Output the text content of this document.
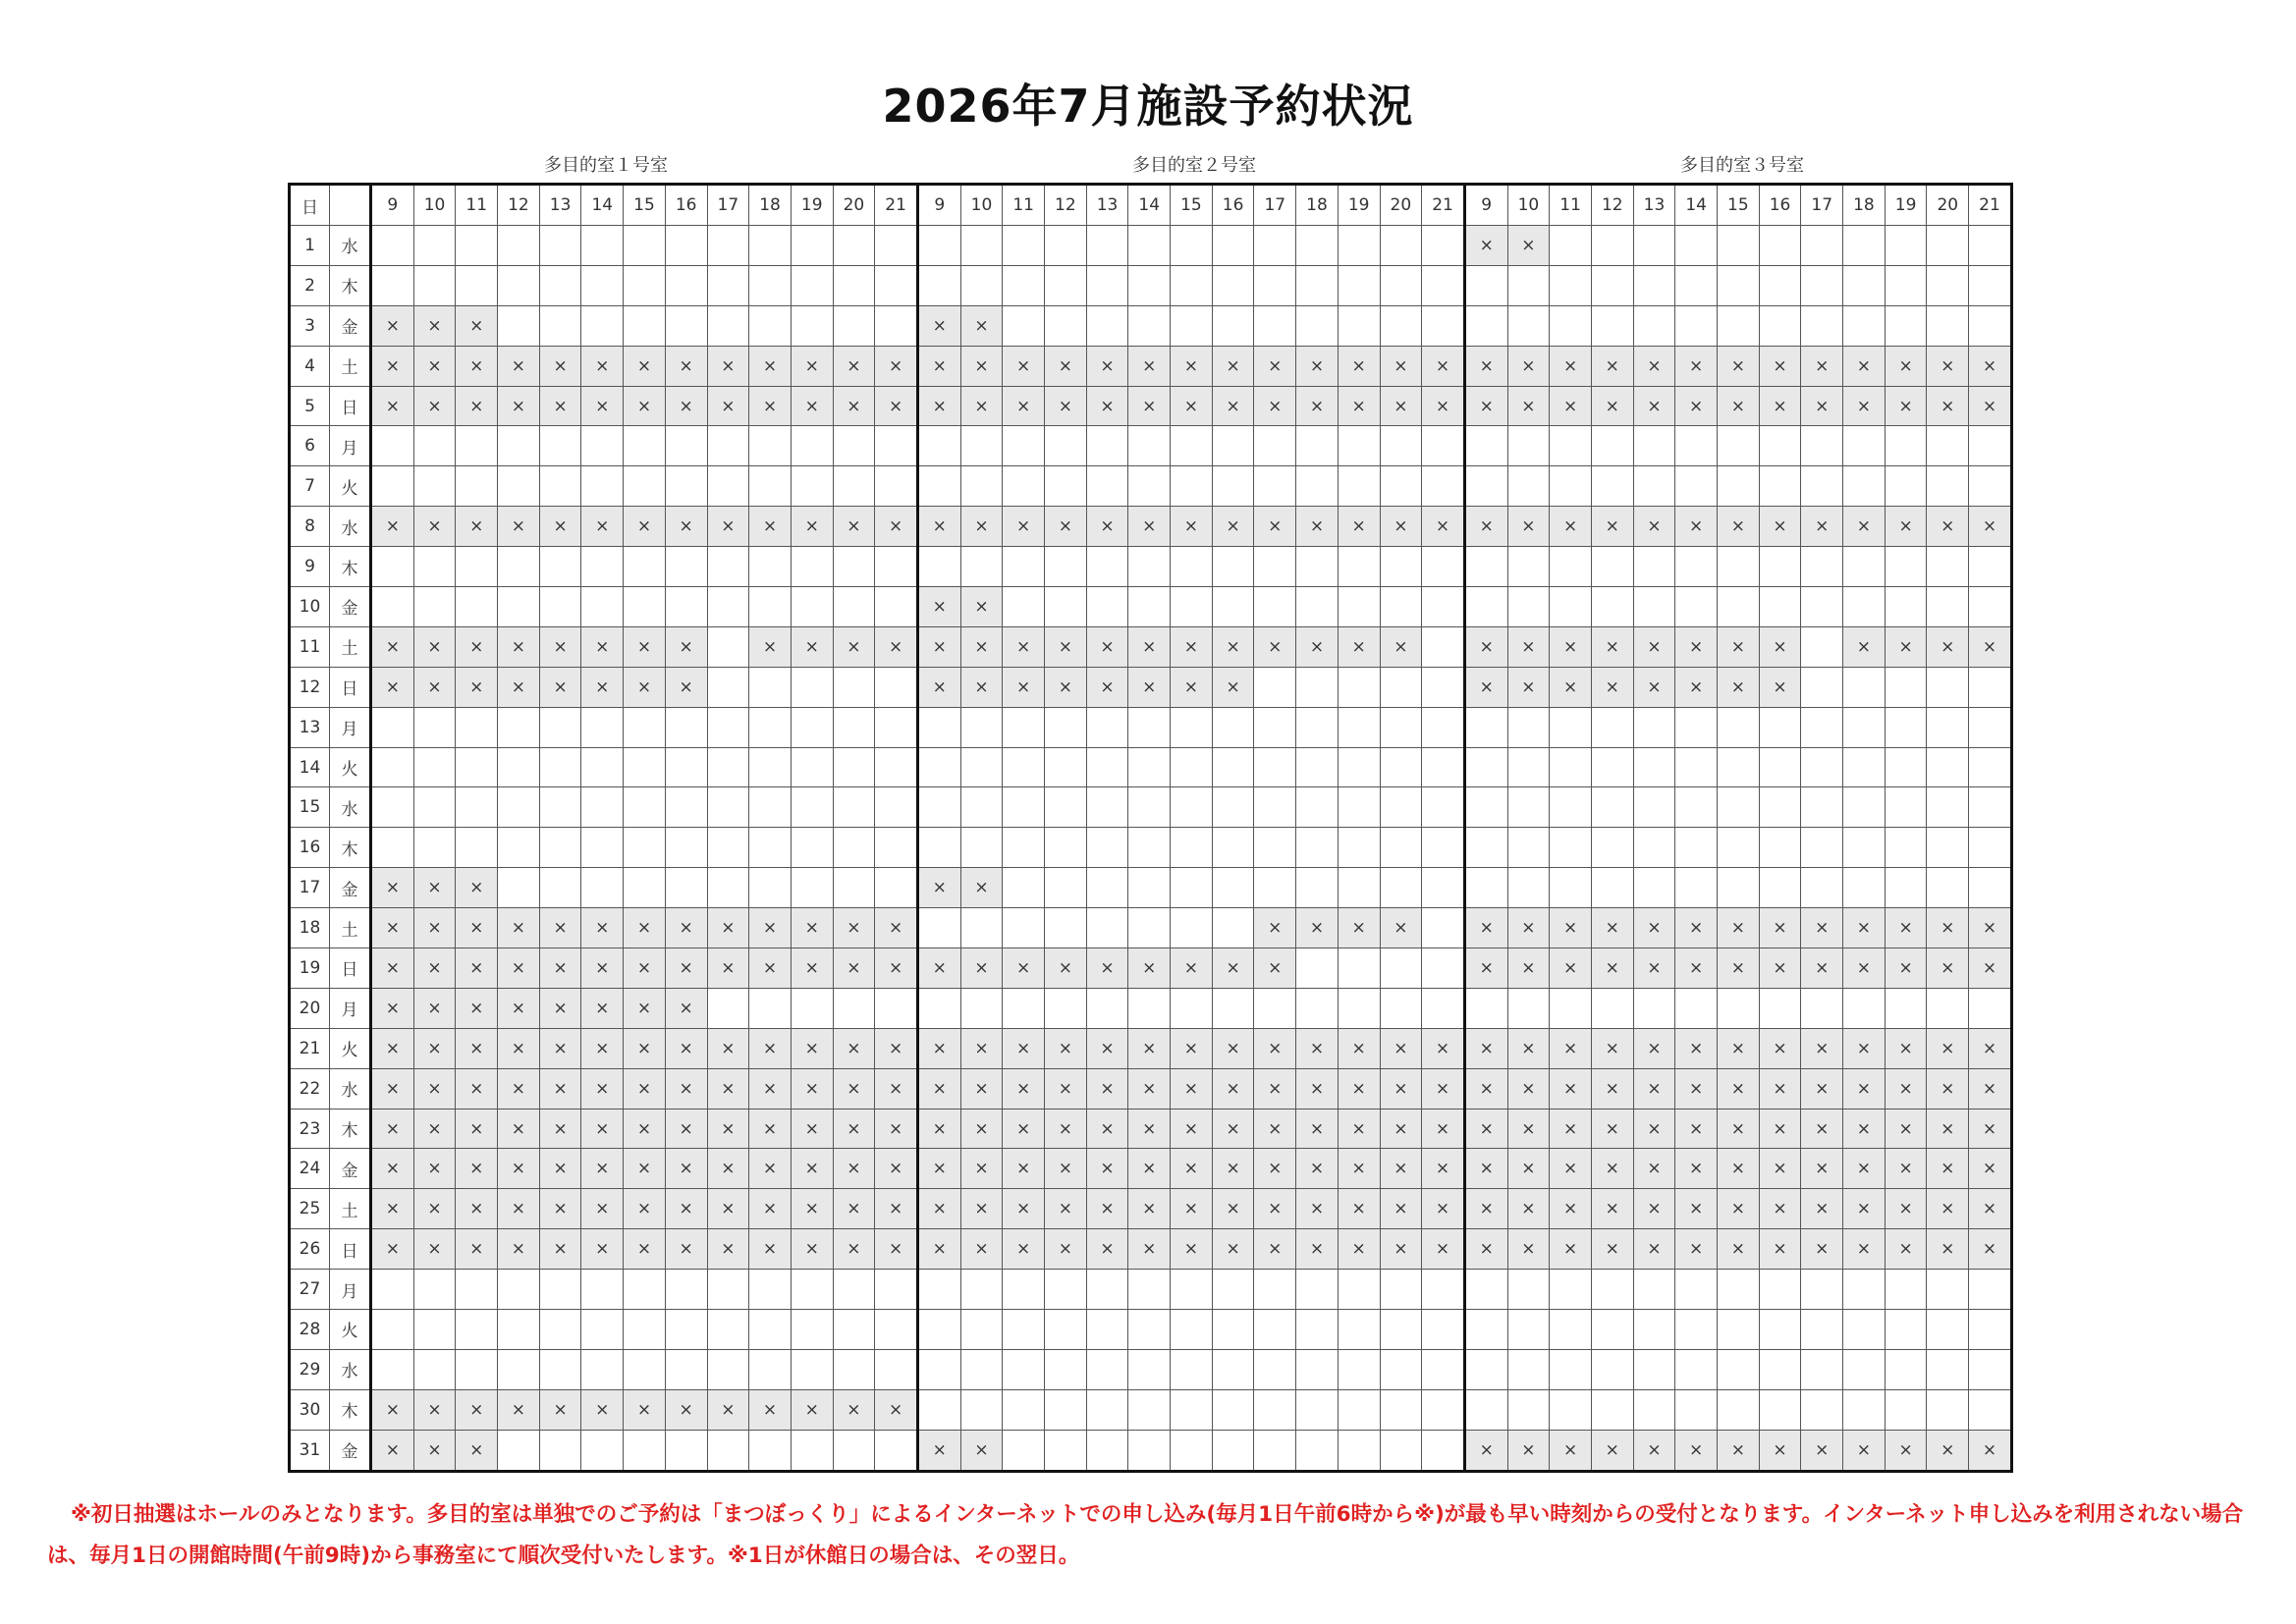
2026年7月施設予約状況
多目的室１号室	多目的室２号室	多目的室３号室
日		9	10	11	12	13	14	15	16	17	18	19	20	21	9	10	11	12	13	14	15	16	17	18	19	20	21	9	10	11	12	13	14	15	16	17	18	19	20	21
1	水																											×	×											
2	木																																							
3	金	×	×	×											×	×																								
4	土	×	×	×	×	×	×	×	×	×	×	×	×	×	×	×	×	×	×	×	×	×	×	×	×	×	×	×	×	×	×	×	×	×	×	×	×	×	×	×
5	日	×	×	×	×	×	×	×	×	×	×	×	×	×	×	×	×	×	×	×	×	×	×	×	×	×	×	×	×	×	×	×	×	×	×	×	×	×	×	×
6	月																																							
7	火																																							
8	水	×	×	×	×	×	×	×	×	×	×	×	×	×	×	×	×	×	×	×	×	×	×	×	×	×	×	×	×	×	×	×	×	×	×	×	×	×	×	×
9	木																																							
10	金														×	×																								
11	土	×	×	×	×	×	×	×	×		×	×	×	×	×	×	×	×	×	×	×	×	×	×	×	×		×	×	×	×	×	×	×	×		×	×	×	×
12	日	×	×	×	×	×	×	×	×						×	×	×	×	×	×	×	×						×	×	×	×	×	×	×	×					
13	月																																							
14	火																																							
15	水																																							
16	木																																							
17	金	×	×	×											×	×																								
18	土	×	×	×	×	×	×	×	×	×	×	×	×	×									×	×	×	×		×	×	×	×	×	×	×	×	×	×	×	×	×
19	日	×	×	×	×	×	×	×	×	×	×	×	×	×	×	×	×	×	×	×	×	×	×					×	×	×	×	×	×	×	×	×	×	×	×	×
20	月	×	×	×	×	×	×	×	×																															
21	火	×	×	×	×	×	×	×	×	×	×	×	×	×	×	×	×	×	×	×	×	×	×	×	×	×	×	×	×	×	×	×	×	×	×	×	×	×	×	×
22	水	×	×	×	×	×	×	×	×	×	×	×	×	×	×	×	×	×	×	×	×	×	×	×	×	×	×	×	×	×	×	×	×	×	×	×	×	×	×	×
23	木	×	×	×	×	×	×	×	×	×	×	×	×	×	×	×	×	×	×	×	×	×	×	×	×	×	×	×	×	×	×	×	×	×	×	×	×	×	×	×
24	金	×	×	×	×	×	×	×	×	×	×	×	×	×	×	×	×	×	×	×	×	×	×	×	×	×	×	×	×	×	×	×	×	×	×	×	×	×	×	×
25	土	×	×	×	×	×	×	×	×	×	×	×	×	×	×	×	×	×	×	×	×	×	×	×	×	×	×	×	×	×	×	×	×	×	×	×	×	×	×	×
26	日	×	×	×	×	×	×	×	×	×	×	×	×	×	×	×	×	×	×	×	×	×	×	×	×	×	×	×	×	×	×	×	×	×	×	×	×	×	×	×
27	月																																							
28	火																																							
29	水																																							
30	木	×	×	×	×	×	×	×	×	×	×	×	×	×																										
31	金	×	×	×											×	×												×	×	×	×	×	×	×	×	×	×	×	×	×
※初日抽選はホールのみとなります。多目的室は単独でのご予約は「まつぼっくり」によるインターネットでの申し込み(毎月1日午前6時から※)が最も早い時刻からの受付となります。インターネット申し込みを利用されない場合は、毎月1日の開館時間(午前9時)から事務室にて順次受付いたします。※1日が休館日の場合は、その翌日。
